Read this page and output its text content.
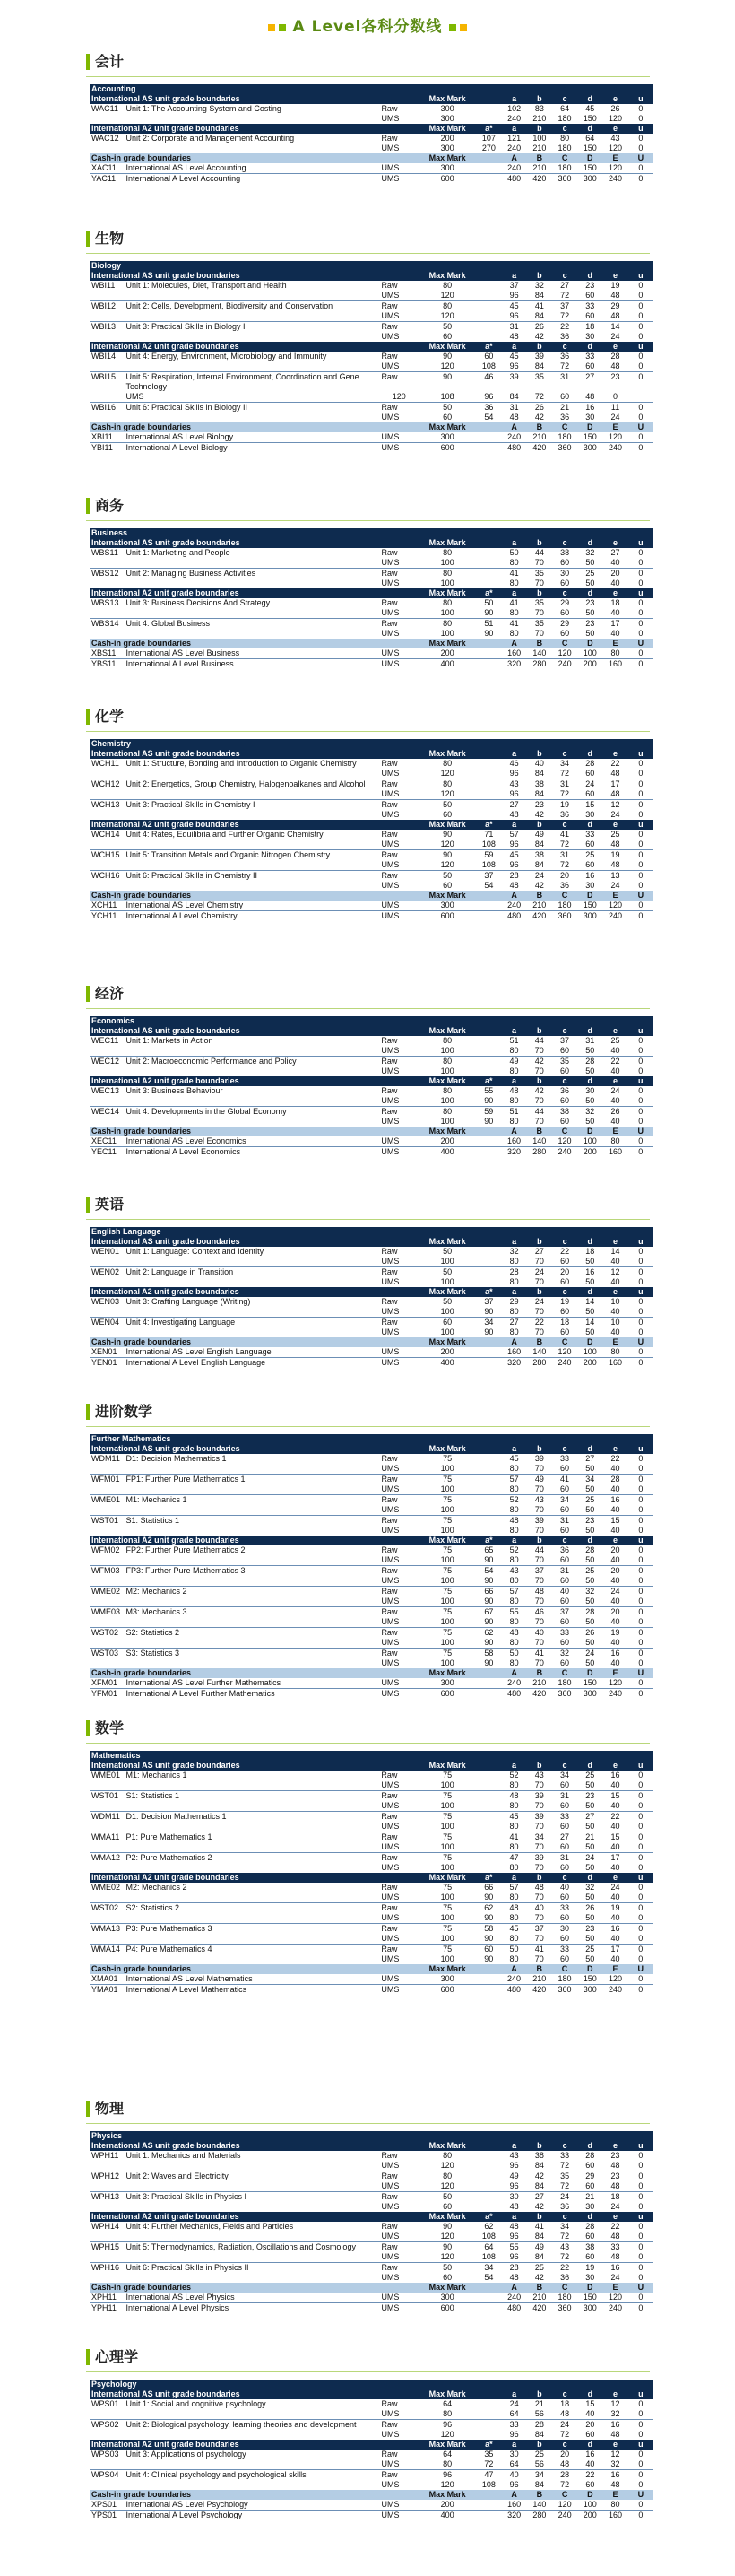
A Level各科分数线
会计
Accounting										
International AS unit grade boundaries			Max Mark		a	b	c	d	e	u
WAC11	Unit 1: The Accounting System and Costing	Raw	300		102	83	64	45	26	0
		UMS	300		240	210	180	150	120	0
International A2 unit grade boundaries			Max Mark	a*	a	b	c	d	e	u
WAC12	Unit 2: Corporate and Management Accounting	Raw	200	107	121	100	80	64	43	0
		UMS	300	270	240	210	180	150	120	0
Cash-in grade boundaries			Max Mark		A	B	C	D	E	U
XAC11	International AS Level Accounting	UMS	300		240	210	180	150	120	0
YAC11	International A Level Accounting	UMS	600		480	420	360	300	240	0
生物
Biology										
International AS unit grade boundaries			Max Mark		a	b	c	d	e	u
WBI11	Unit 1: Molecules, Diet, Transport and Health	Raw	80		37	32	27	23	19	0
		UMS	120		96	84	72	60	48	0
WBI12	Unit 2: Cells, Development, Biodiversity and Conservation	Raw	80		45	41	37	33	29	0
		UMS	120		96	84	72	60	48	0
WBI13	Unit 3: Practical Skills in Biology I	Raw	50		31	26	22	18	14	0
		UMS	60		48	42	36	30	24	0
International A2 unit grade boundaries			Max Mark	a*	a	b	c	d	e	u
WBI14	Unit 4: Energy, Environment, Microbiology and Immunity	Raw	90	60	45	39	36	33	28	0
		UMS	120	108	96	84	72	60	48	0
WBI15	Unit 5: Respiration, Internal Environment, Coordination and Gene Technology	Raw	90	46	39	35	31	27	23	0

	UMS	120	108	96	84	72	60	48	0	
WBI16	Unit 6: Practical Skills in Biology II	Raw	50	36	31	26	21	16	11	0
		UMS	60	54	48	42	36	30	24	0
Cash-in grade boundaries			Max Mark		A	B	C	D	E	U
XBI11	International AS Level Biology	UMS	300		240	210	180	150	120	0
YBI11	International A Level Biology	UMS	600		480	420	360	300	240	0
商务
Business										
International AS unit grade boundaries			Max Mark		a	b	c	d	e	u
WBS11	Unit 1: Marketing and People	Raw	80		50	44	38	32	27	0
		UMS	100		80	70	60	50	40	0
WBS12	Unit 2: Managing Business Activities	Raw	80		41	35	30	25	20	0
		UMS	100		80	70	60	50	40	0
International A2 unit grade boundaries			Max Mark	a*	a	b	c	d	e	u
WBS13	Unit 3: Business Decisions And Strategy	Raw	80	50	41	35	29	23	18	0
		UMS	100	90	80	70	60	50	40	0
WBS14	Unit 4: Global Business	Raw	80	51	41	35	29	23	17	0
		UMS	100	90	80	70	60	50	40	0
Cash-in grade boundaries			Max Mark		A	B	C	D	E	U
XBS11	International AS Level Business	UMS	200		160	140	120	100	80	0
YBS11	International A Level Business	UMS	400		320	280	240	200	160	0
化学
Chemistry										
International AS unit grade boundaries			Max Mark		a	b	c	d	e	u
WCH11	Unit 1: Structure, Bonding and Introduction to Organic Chemistry	Raw	80		46	40	34	28	22	0
		UMS	120		96	84	72	60	48	0
WCH12	Unit 2: Energetics, Group Chemistry, Halogenoalkanes and Alcohol	Raw	80		43	38	31	24	17	0
		UMS	120		96	84	72	60	48	0
WCH13	Unit 3: Practical Skills in Chemistry I	Raw	50		27	23	19	15	12	0
		UMS	60		48	42	36	30	24	0
International A2 unit grade boundaries			Max Mark	a*	a	b	c	d	e	u
WCH14	Unit 4: Rates, Equilibria and Further Organic Chemistry	Raw	90	71	57	49	41	33	25	0
		UMS	120	108	96	84	72	60	48	0
WCH15	Unit 5: Transition Metals and Organic Nitrogen Chemistry	Raw	90	59	45	38	31	25	19	0
		UMS	120	108	96	84	72	60	48	0
WCH16	Unit 6: Practical Skills in Chemistry II	Raw	50	37	28	24	20	16	13	0
		UMS	60	54	48	42	36	30	24	0
Cash-in grade boundaries			Max Mark		A	B	C	D	E	U
XCH11	International AS Level Chemistry	UMS	300		240	210	180	150	120	0
YCH11	International A Level Chemistry	UMS	600		480	420	360	300	240	0
经济
Economics										
International AS unit grade boundaries			Max Mark		a	b	c	d	e	u
WEC11	Unit 1: Markets in Action	Raw	80		51	44	37	31	25	0
		UMS	100		80	70	60	50	40	0
WEC12	Unit 2: Macroeconomic Performance and Policy	Raw	80		49	42	35	28	22	0
		UMS	100		80	70	60	50	40	0
International A2 unit grade boundaries			Max Mark	a*	a	b	c	d	e	u
WEC13	Unit 3: Business Behaviour	Raw	80	55	48	42	36	30	24	0
		UMS	100	90	80	70	60	50	40	0
WEC14	Unit 4: Developments in the Global Economy	Raw	80	59	51	44	38	32	26	0
		UMS	100	90	80	70	60	50	40	0
Cash-in grade boundaries			Max Mark		A	B	C	D	E	U
XEC11	International AS Level Economics	UMS	200		160	140	120	100	80	0
YEC11	International A Level Economics	UMS	400		320	280	240	200	160	0
英语
English Language										
International AS unit grade boundaries			Max Mark		a	b	c	d	e	u
WEN01	Unit 1: Language: Context and Identity	Raw	50		32	27	22	18	14	0
		UMS	100		80	70	60	50	40	0
WEN02	Unit 2: Language in Transition	Raw	50		28	24	20	16	12	0
		UMS	100		80	70	60	50	40	0
International A2 unit grade boundaries			Max Mark	a*	a	b	c	d	e	u
WEN03	Unit 3: Crafting Language (Writing)	Raw	50	37	29	24	19	14	10	0
		UMS	100	90	80	70	60	50	40	0
WEN04	Unit 4: Investigating Language	Raw	60	34	27	22	18	14	10	0
		UMS	100	90	80	70	60	50	40	0
Cash-in grade boundaries			Max Mark		A	B	C	D	E	U
XEN01	International AS Level English Language	UMS	200		160	140	120	100	80	0
YEN01	International A Level English Language	UMS	400		320	280	240	200	160	0
进阶数学
Further Mathematics										
International AS unit grade boundaries			Max Mark		a	b	c	d	e	u
WDM11	D1: Decision Mathematics 1	Raw	75		45	39	33	27	22	0
		UMS	100		80	70	60	50	40	0
WFM01	FP1: Further Pure Mathematics 1	Raw	75		57	49	41	34	28	0
		UMS	100		80	70	60	50	40	0
WME01	M1: Mechanics 1	Raw	75		52	43	34	25	16	0
		UMS	100		80	70	60	50	40	0
WST01	S1: Statistics 1	Raw	75		48	39	31	23	15	0
		UMS	100		80	70	60	50	40	0
International A2 unit grade boundaries			Max Mark	a*	a	b	c	d	e	u
WFM02	FP2: Further Pure Mathematics 2	Raw	75	65	52	44	36	28	20	0
		UMS	100	90	80	70	60	50	40	0
WFM03	FP3: Further Pure Mathematics 3	Raw	75	54	43	37	31	25	20	0
		UMS	100	90	80	70	60	50	40	0
WME02	M2: Mechanics 2	Raw	75	66	57	48	40	32	24	0
		UMS	100	90	80	70	60	50	40	0
WME03	M3: Mechanics 3	Raw	75	67	55	46	37	28	20	0
		UMS	100	90	80	70	60	50	40	0
WST02	S2: Statistics 2	Raw	75	62	48	40	33	26	19	0
		UMS	100	90	80	70	60	50	40	0
WST03	S3: Statistics 3	Raw	75	58	50	41	32	24	16	0
		UMS	100	90	80	70	60	50	40	0
Cash-in grade boundaries			Max Mark		A	B	C	D	E	U
XFM01	International AS Level Further Mathematics	UMS	300		240	210	180	150	120	0
YFM01	International A Level Further Mathematics	UMS	600		480	420	360	300	240	0
数学
Mathematics										
International AS unit grade boundaries			Max Mark		a	b	c	d	e	u
WME01	M1: Mechanics 1	Raw	75		52	43	34	25	16	0
		UMS	100		80	70	60	50	40	0
WST01	S1: Statistics 1	Raw	75		48	39	31	23	15	0
		UMS	100		80	70	60	50	40	0
WDM11	D1: Decision Mathematics 1	Raw	75		45	39	33	27	22	0
		UMS	100		80	70	60	50	40	0
WMA11	P1: Pure Mathematics 1	Raw	75		41	34	27	21	15	0
		UMS	100		80	70	60	50	40	0
WMA12	P2: Pure Mathematics 2	Raw	75		47	39	31	24	17	0
		UMS	100		80	70	60	50	40	0
International A2 unit grade boundaries			Max Mark	a*	a	b	c	d	e	u
WME02	M2: Mechanics 2	Raw	75	66	57	48	40	32	24	0
		UMS	100	90	80	70	60	50	40	0
WST02	S2: Statistics 2	Raw	75	62	48	40	33	26	19	0
		UMS	100	90	80	70	60	50	40	0
WMA13	P3: Pure Mathematics 3	Raw	75	58	45	37	30	23	16	0
		UMS	100	90	80	70	60	50	40	0
WMA14	P4: Pure Mathematics 4	Raw	75	60	50	41	33	25	17	0
		UMS	100	90	80	70	60	50	40	0
Cash-in grade boundaries			Max Mark		A	B	C	D	E	U
XMA01	International AS Level Mathematics	UMS	300		240	210	180	150	120	0
YMA01	International A Level Mathematics	UMS	600		480	420	360	300	240	0
物理
Physics										
International AS unit grade boundaries			Max Mark		a	b	c	d	e	u
WPH11	Unit 1: Mechanics and Materials	Raw	80		43	38	33	28	23	0
		UMS	120		96	84	72	60	48	0
WPH12	Unit 2: Waves and Electricity	Raw	80		49	42	35	29	23	0
		UMS	120		96	84	72	60	48	0
WPH13	Unit 3: Practical Skills in Physics I	Raw	50		30	27	24	21	18	0
		UMS	60		48	42	36	30	24	0
International A2 unit grade boundaries			Max Mark	a*	a	b	c	d	e	u
WPH14	Unit 4: Further Mechanics, Fields and Particles	Raw	90	62	48	41	34	28	22	0
		UMS	120	108	96	84	72	60	48	0
WPH15	Unit 5: Thermodynamics, Radiation, Oscillations and Cosmology	Raw	90	64	55	49	43	38	33	0
		UMS	120	108	96	84	72	60	48	0
WPH16	Unit 6: Practical Skills in Physics II	Raw	50	34	28	25	22	19	16	0
		UMS	60	54	48	42	36	30	24	0
Cash-in grade boundaries			Max Mark		A	B	C	D	E	U
XPH11	International AS Level Physics	UMS	300		240	210	180	150	120	0
YPH11	International A Level Physics	UMS	600		480	420	360	300	240	0
心理学
Psychology										
International AS unit grade boundaries			Max Mark		a	b	c	d	e	u
WPS01	Unit 1: Social and cognitive psychology	Raw	64		24	21	18	15	12	0
		UMS	80		64	56	48	40	32	0
WPS02	Unit 2: Biological psychology, learning theories and development	Raw	96		33	28	24	20	16	0
		UMS	120		96	84	72	60	48	0
International A2 unit grade boundaries			Max Mark	a*	a	b	c	d	e	u
WPS03	Unit 3: Applications of psychology	Raw	64	35	30	25	20	16	12	0
		UMS	80	72	64	56	48	40	32	0
WPS04	Unit 4: Clinical psychology and psychological skills	Raw	96	47	40	34	28	22	16	0
		UMS	120	108	96	84	72	60	48	0
Cash-in grade boundaries			Max Mark		A	B	C	D	E	U
XPS01	International AS Level Psychology	UMS	200		160	140	120	100	80	0
YPS01	International A Level Psychology	UMS	400		320	280	240	200	160	0
